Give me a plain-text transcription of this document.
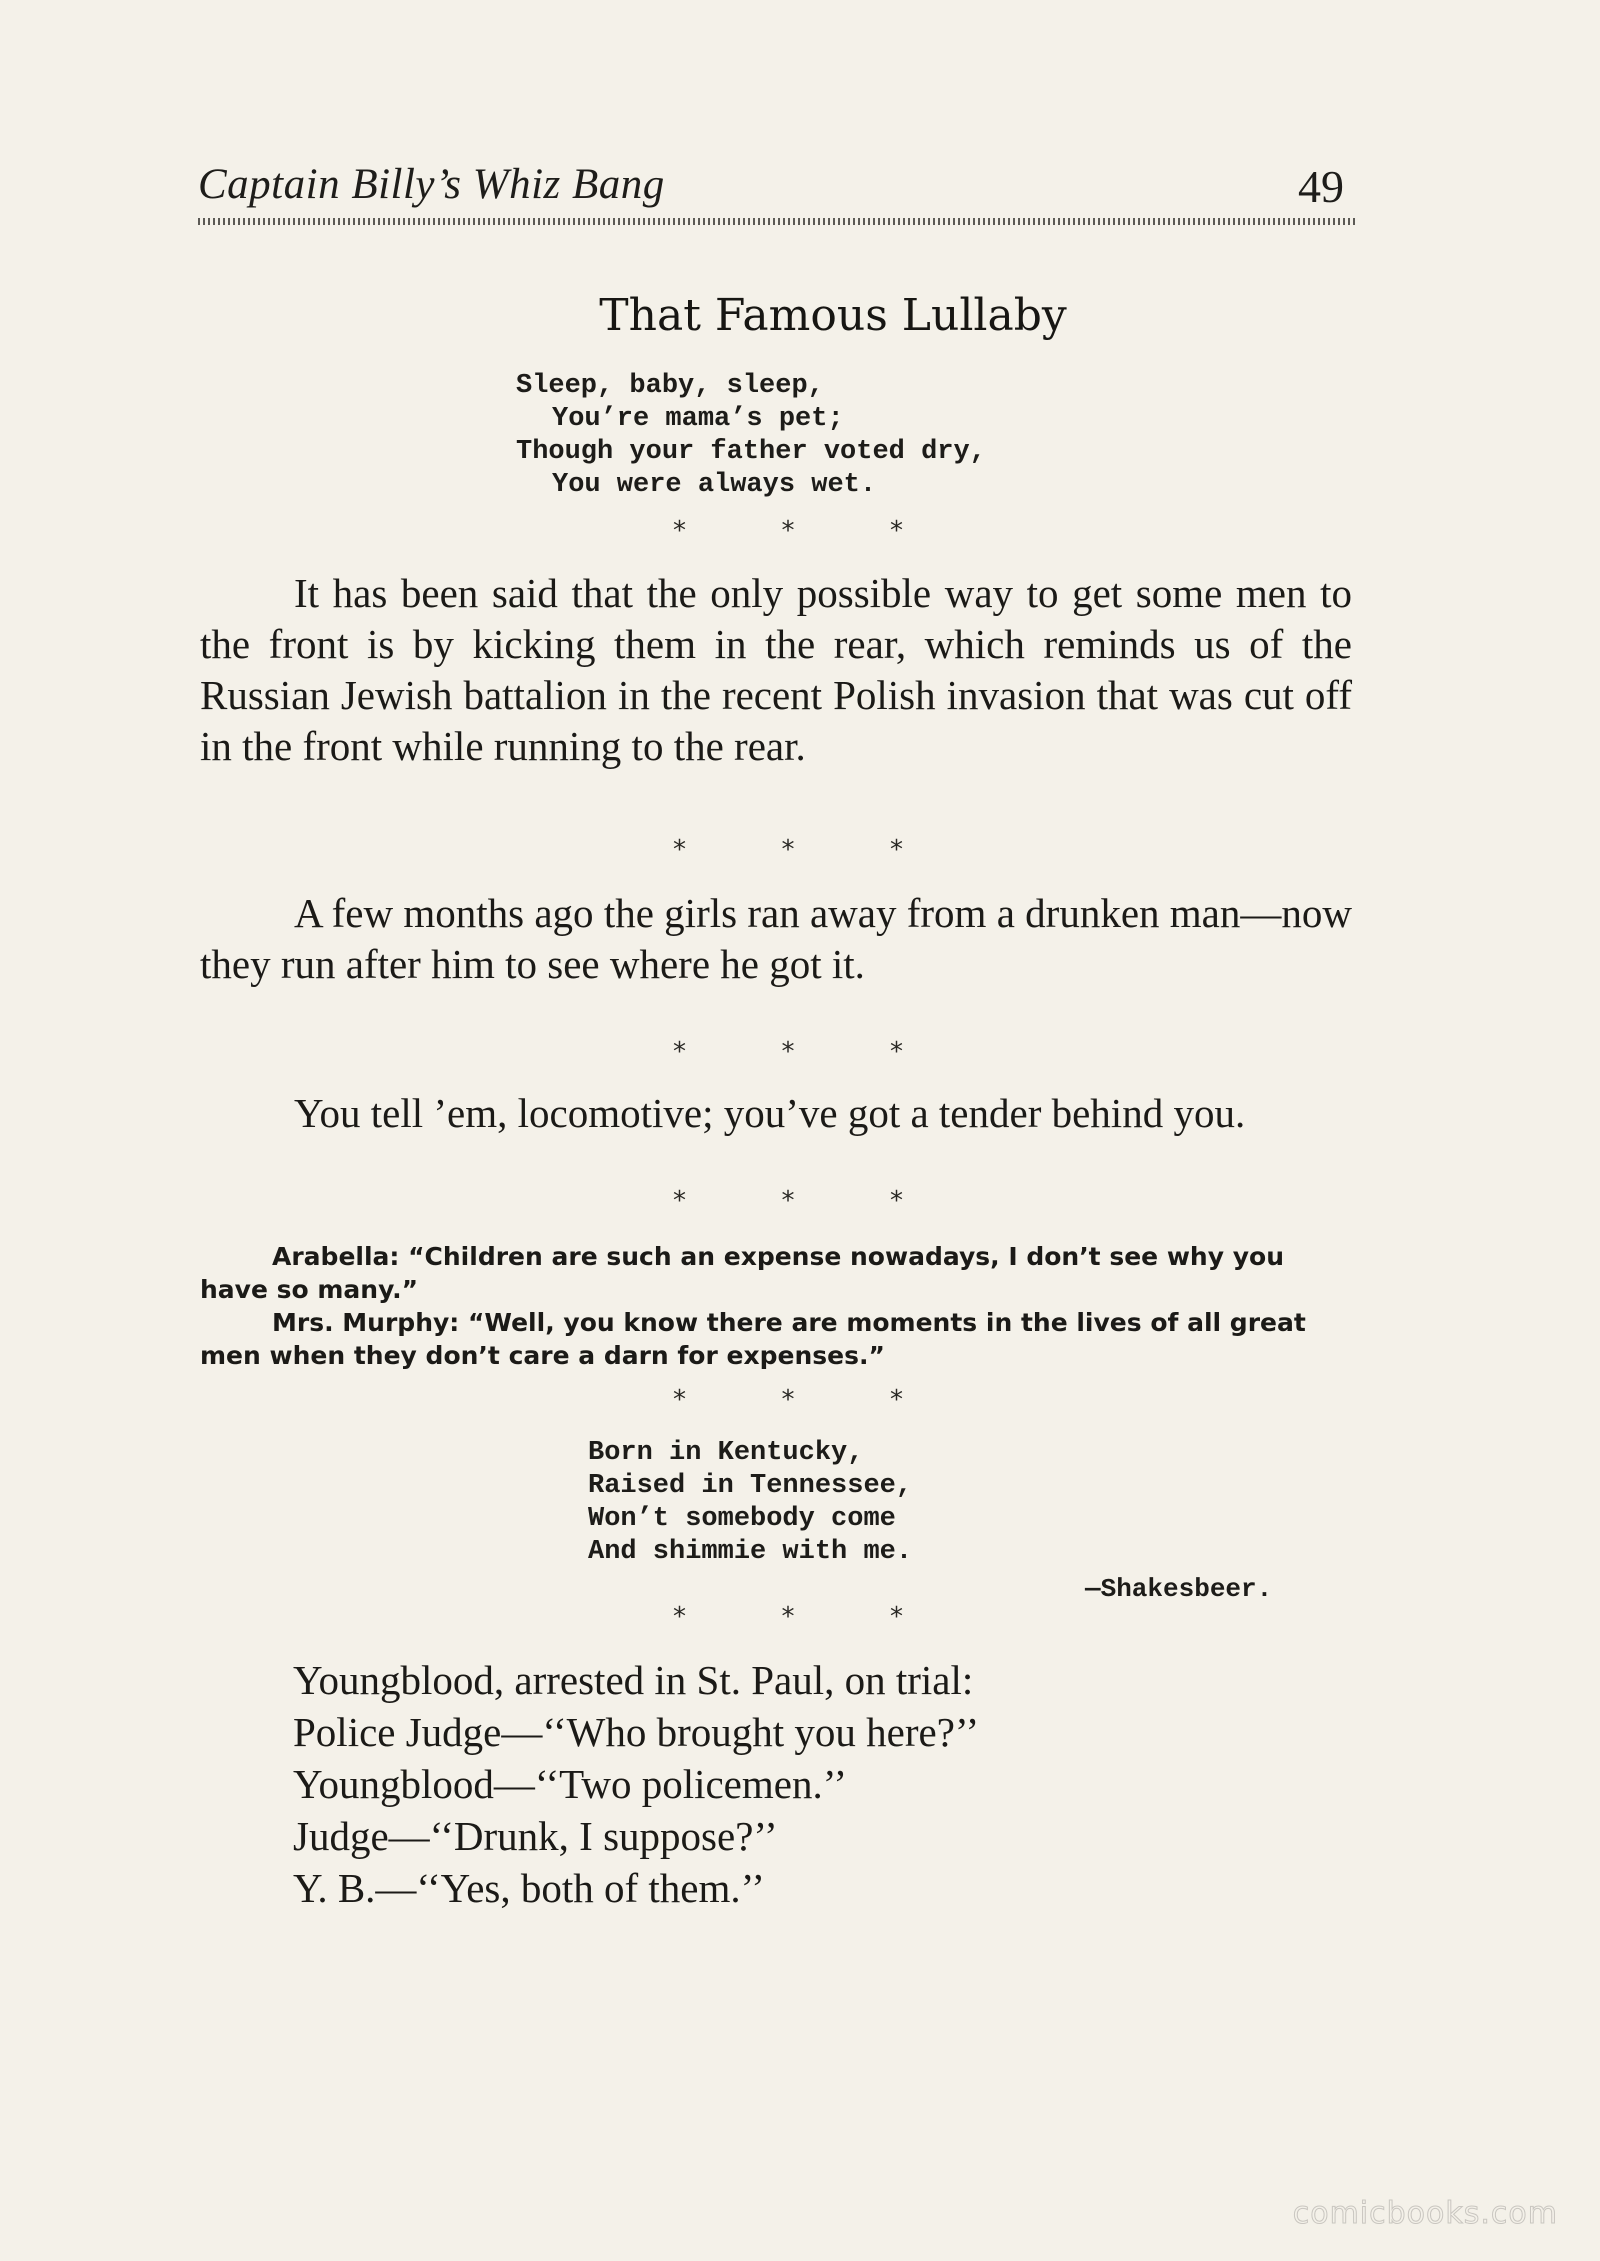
Captain Billy’s Whiz Bang	49
That Famous Lullaby
Sleep, baby, sleep,
You’re mama’s pet;
Though your father voted dry,
You were always wet.
*	*	*
It has been said that the only possible way to get some men to the front is by kicking them in the rear, which reminds us of the Russian Jewish battalion in the recent Polish invasion that was cut off in the front while running to the rear.
*	*	*
A few months ago the girls ran away from a drunken man—now they run after him to see where he got it.
*	*	*
You tell ’em, locomotive; you’ve got a tender behind you.
*	*	*

Arabella: “Children are such an expense nowadays, I don’t see why you have so many.”

Mrs. Murphy: “Well, you know there are moments in the lives of all great men when they don’t care a darn for expenses.”

*	*	*
Born in Kentucky,
Raised in Tennessee,
Won’t somebody come
And shimmie with me.
—Shakesbeer.
*	*	*
Youngblood, arrested in St. Paul, on trial:
Police Judge—‘‘Who brought you here?’’
Youngblood—‘‘Two policemen.’’
Judge—‘‘Drunk, I suppose?’’
Y. B.—‘‘Yes, both of them.’’
comicbooks.com
